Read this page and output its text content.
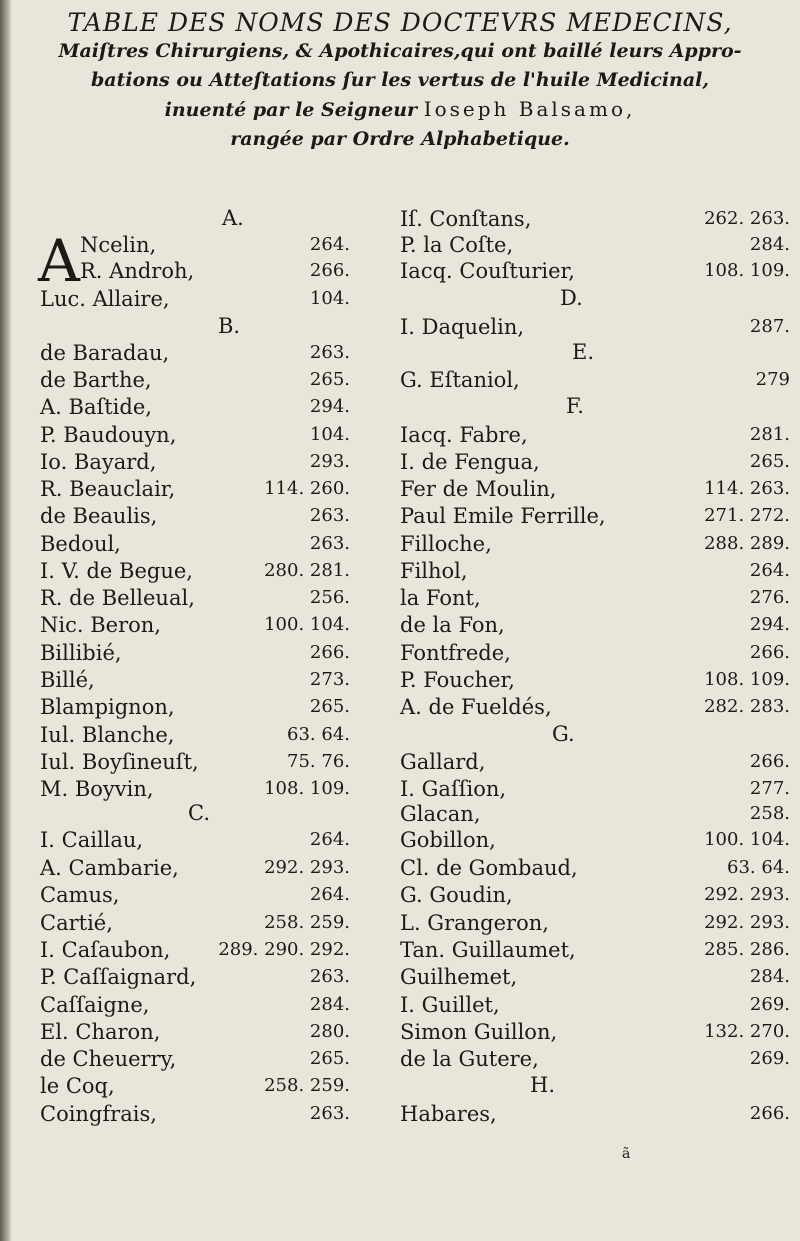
TABLE DES NOMS DES DOCTEVRS MEDECINS,
Maiſtres Chirurgiens, & Apothicaires,qui ont baillé leurs Appro-
bations ou Atteſtations ſur les vertus de l'huile Medicinal,
inuenté par le Seigneur Ioseph Balsamo,
rangée par Ordre Alphabetique.
A Ncelin,
R. Androh,
Luc. Allaire,
de Baradau,
de Barthe,
A. Baſtide,
P. Baudouyn,
Io. Bayard,
R. Beauclair,
de Beaulis,
Bedoul,
I. V. de Begue,
R. de Belleual,
Nic. Beron,
Billibié,
Billé,
Blampignon,
Iul. Blanche,
Iul. Boyſineuſt,
M. Boyvin,
I. Caillau,
A. Cambarie,
Camus,
Cartié,
I. Caſaubon,
P. Caſſaignard,
Caſſaigne,
El. Charon,
de Cheuerry,
le Coq,
Coingfrais,
264.
266.
104.
263.
265.
294.
104.
293.
114. 260.
263.
263.
280. 281.
256.
100. 104.
266.
273.
265.
63. 64.
75. 76.
108. 109.
264.
292. 293.
264.
258. 259.
289. 290. 292.
263.
284.
280.
265.
258. 259.
263.
A.
B.
C.
Iſ. Conſtans,
P. la Coſte,
Iacq. Couſturier,
I. Daquelin,
G. Eſtaniol,
Iacq. Fabre,
I. de Fengua,
Fer de Moulin,
Paul Emile Ferrille,
Filloche,
Filhol,
la Font,
de la Fon,
Fontfrede,
P. Foucher,
A. de Fueldés,
Gallard,
I. Gaſſion,
Glacan,
Gobillon,
Cl. de Gombaud,
G. Goudin,
L. Grangeron,
Tan. Guillaumet,
Guilhemet,
I. Guillet,
Simon Guillon,
de la Gutere,
Habares,
262. 263.
284.
108. 109.
287.
279
281.
265.
114. 263.
271. 272.
288. 289.
264.
276.
294.
266.
108. 109.
282. 283.
266.
277.
258.
100. 104.
63. 64.
292. 293.
292. 293.
285. 286.
284.
269.
132. 270.
269.
266.
D.
E.
F.
G.
H.
ã
